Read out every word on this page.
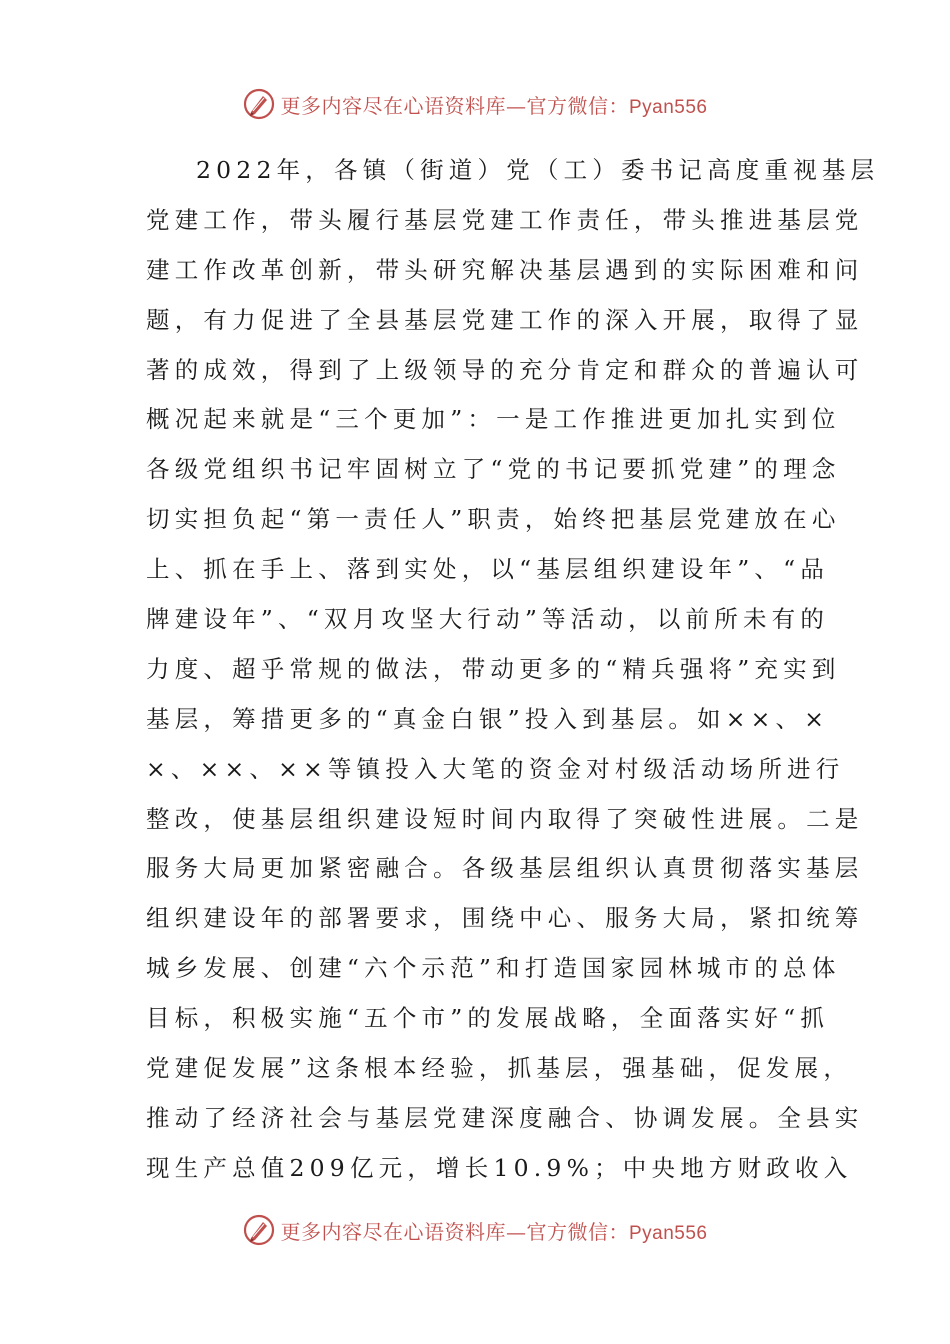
更多内容尽在心语资料库—官方微信：Pyan556
2022年，各镇（街道）党（工）委书记高度重视基层
党建工作，带头履行基层党建工作责任，带头推进基层党
建工作改革创新，带头研究解决基层遇到的实际困难和问
题，有力促进了全县基层党建工作的深入开展，取得了显
著的成效，得到了上级领导的充分肯定和群众的普遍认可
概况起来就是“三个更加”：一是工作推进更加扎实到位
各级党组织书记牢固树立了“党的书记要抓党建”的理念
切实担负起“第一责任人”职责，始终把基层党建放在心
上、抓在手上、落到实处，以“基层组织建设年”、“品
牌建设年”、“双月攻坚大行动”等活动，以前所未有的
力度、超乎常规的做法，带动更多的“精兵强将”充实到
基层，筹措更多的“真金白银”投入到基层。如××、×
×、××、××等镇投入大笔的资金对村级活动场所进行
整改，使基层组织建设短时间内取得了突破性进展。二是
服务大局更加紧密融合。各级基层组织认真贯彻落实基层
组织建设年的部署要求，围绕中心、服务大局，紧扣统筹
城乡发展、创建“六个示范”和打造国家园林城市的总体
目标，积极实施“五个市”的发展战略，全面落实好“抓
党建促发展”这条根本经验，抓基层，强基础，促发展，
推动了经济社会与基层党建深度融合、协调发展。全县实
现生产总值209亿元，增长10.9%；中央地方财政收入
更多内容尽在心语资料库—官方微信：Pyan556
